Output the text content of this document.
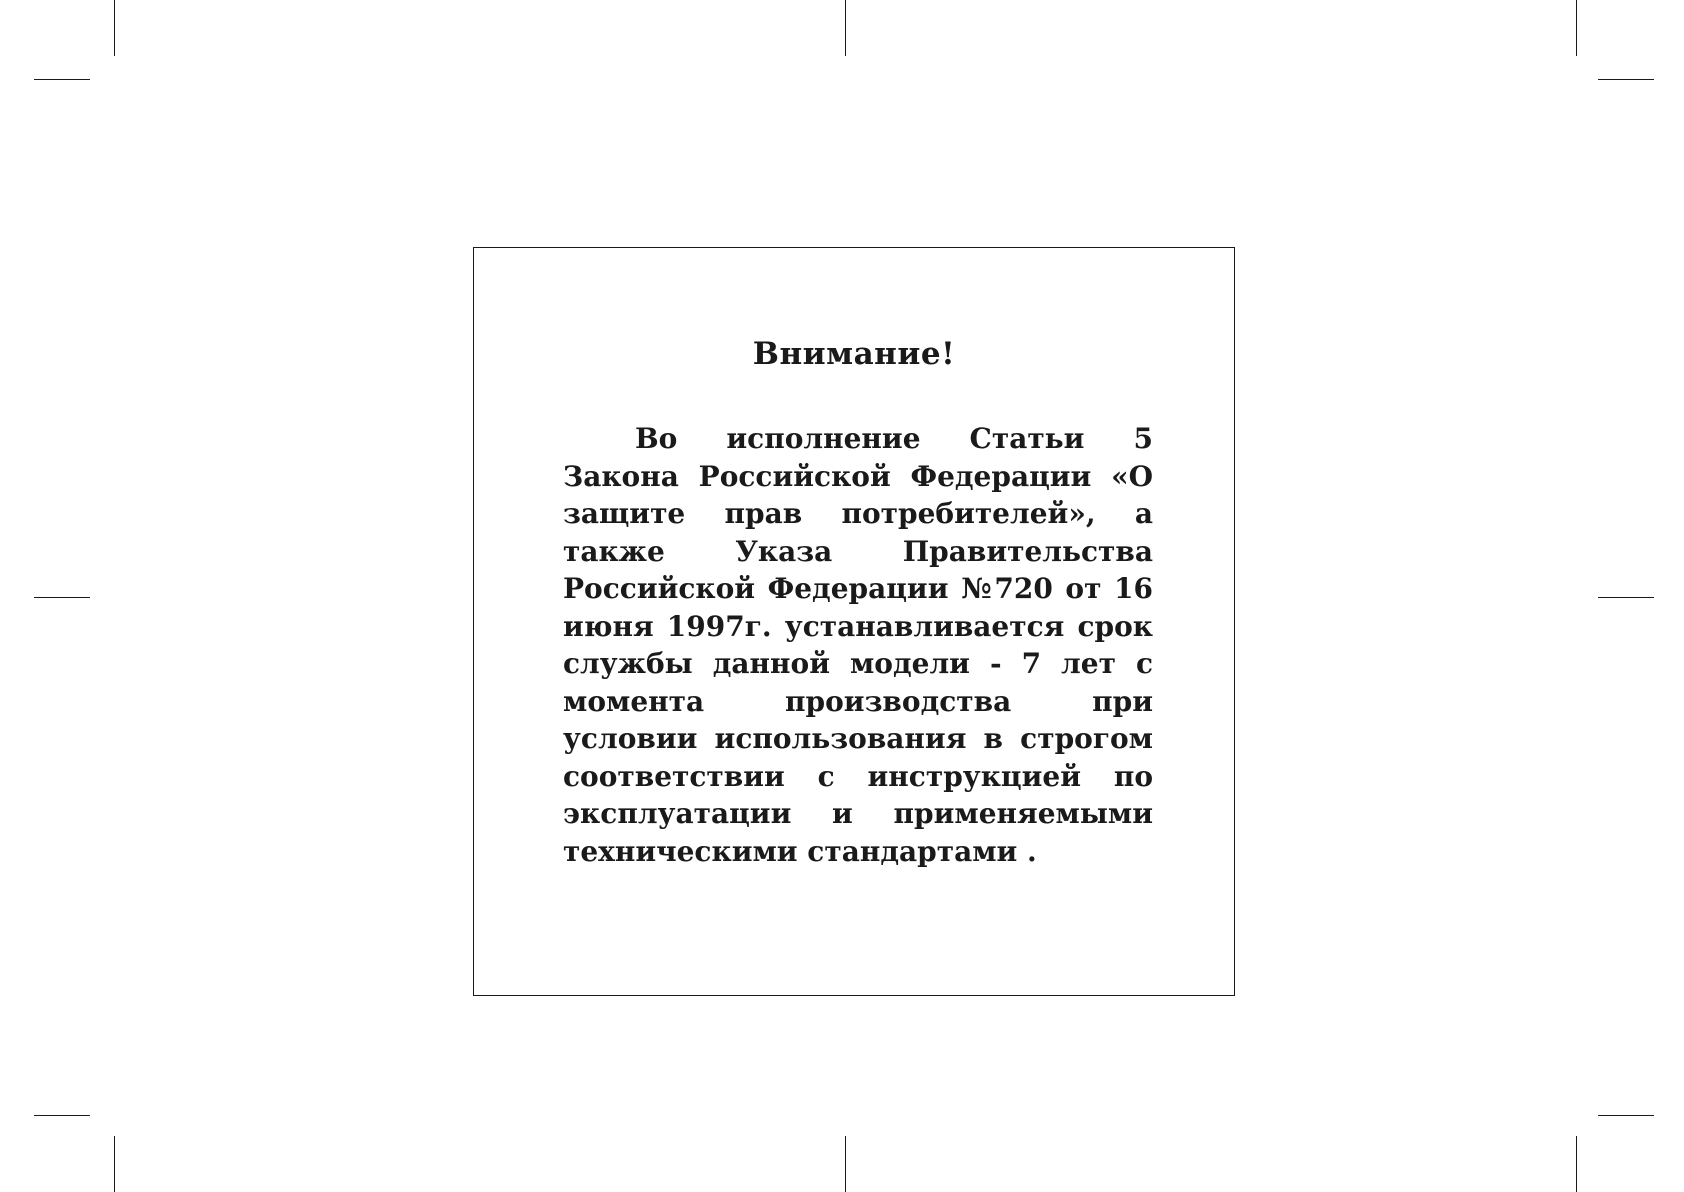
Внимание!

Во исполнение Статьи 5 Закона Российской Федерации «О защите прав потребителей», а также Указа Правительства Российской Федерации №720 от 16 июня 1997г. устанавливается срок службы данной модели - 7 лет с момента производства при условии использования в строгом соответствии с инструкцией по эксплуатации и применяемыми техническими стандартами .
